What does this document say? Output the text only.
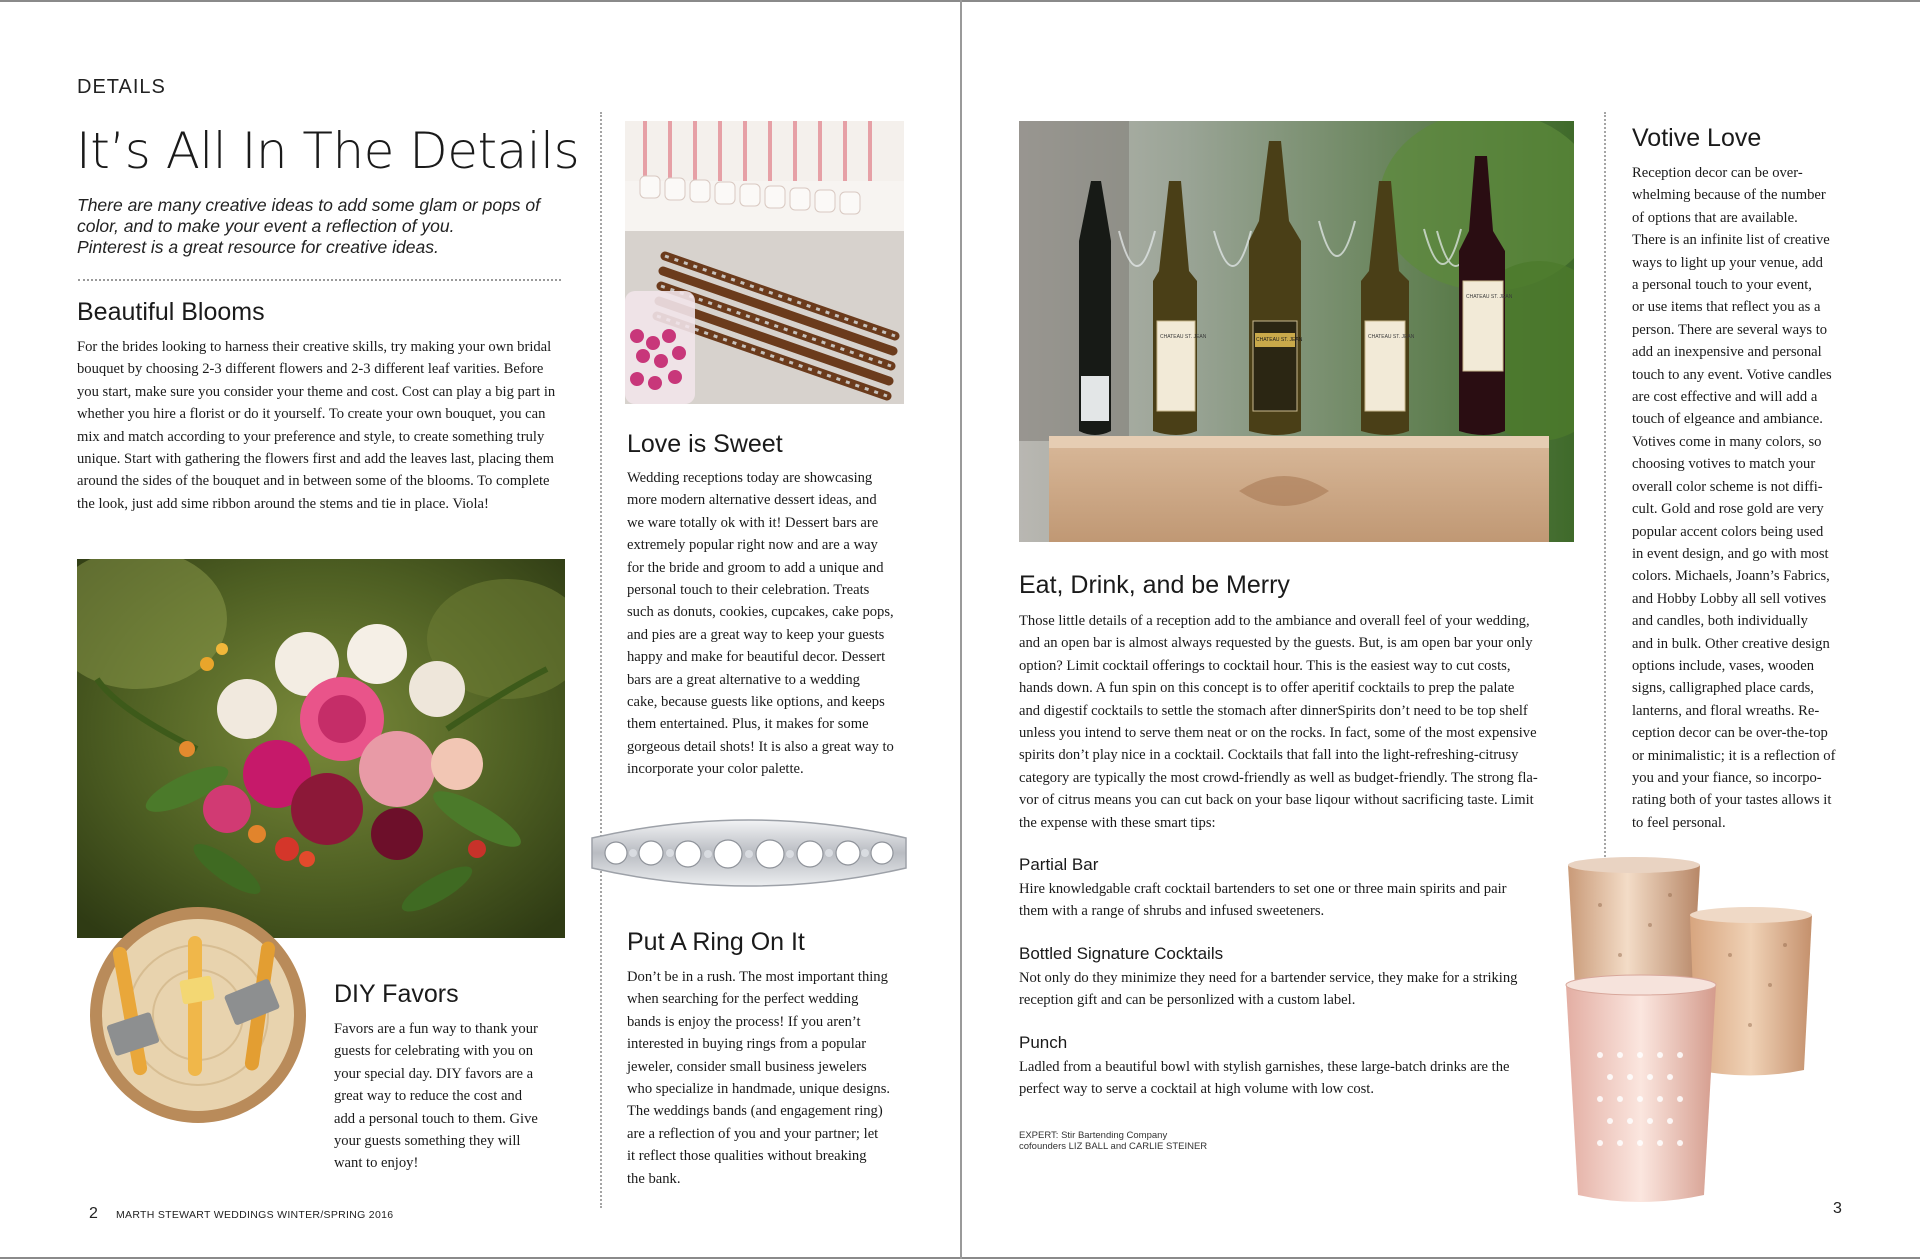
DETAILS
It’s All In The Details
There are many creative ideas to add some glam or pops of
color, and to make your event a reflection of you.
Pinterest is a great resource for creative ideas.
Beautiful Blooms
For the brides looking to harness their creative skills, try making your own bridal
bouquet by choosing 2-3 different flowers and 2-3 different leaf varities. Before
you start, make sure you consider your theme and cost. Cost can play a big part in
whether you hire a florist or do it yourself. To create your own bouquet, you can
mix and match according to your preference and style, to create something truly
unique. Start with gathering the flowers first and add the leaves last, placing them
around the sides of the bouquet and in between some of the blooms. To complete
the look, just add sime ribbon around the stems and tie in place. Viola!
DIY Favors
Favors are a fun way to thank your
guests for celebrating with you on
your special day. DIY favors are a
great way to reduce the cost and
add a personal touch to them. Give
your guests something they will
want to enjoy!
Love is Sweet
Wedding receptions today are showcasing
more modern alternative dessert ideas, and
we ware totally ok with it! Dessert bars are
extremely popular right now and are a way
for the bride and groom to add a unique and
personal touch to their celebration. Treats
such as donuts, cookies, cupcakes, cake pops,
and pies are a great way to keep your guests
happy and make for beautiful decor. Dessert
bars are a great alternative to a wedding
cake, because guests like options, and keeps
them entertained. Plus, it makes for some
gorgeous detail shots! It is also a great way to
incorporate your color palette.
Put A Ring On It
Don’t be in a rush. The most important thing
when searching for the perfect wedding
bands is enjoy the process! If you aren’t
interested in buying rings from a popular
jeweler, consider small business jewelers
who specialize in handmade, unique designs.
The weddings bands (and engagement ring)
are a reflection of you and your partner; let
it reflect those qualities without breaking
the bank.
2 MARTH STEWART WEDDINGS WINTER/SPRING 2016
CHATEAU ST. JEAN	CHATEAU ST. JEAN	CHATEAU ST. JEAN
CHATEAU ST. JEAN
Eat, Drink, and be Merry
Those little details of a reception add to the ambiance and overall feel of your wedding,
and an open bar is almost always requested by the guests. But, is am open bar your only
option? Limit cocktail offerings to cocktail hour. This is the easiest way to cut costs,
hands down. A fun spin on this concept is to offer aperitif cocktails to prep the palate
and digestif cocktails to settle the stomach after dinnerSpirits don’t need to be top shelf
unless you intend to serve them neat or on the rocks. In fact, some of the most expensive
spirits don’t play nice in a cocktail. Cocktails that fall into the light-refreshing-citrusy
category are typically the most crowd-friendly as well as budget-friendly. The strong fla-
vor of citrus means you can cut back on your base liqour without sacrificing taste. Limit
the expense with these smart tips:
Partial Bar
Hire knowledgable craft cocktail bartenders to set one or three main spirits and pair
them with a range of shrubs and infused sweeteners.
Bottled Signature Cocktails
Not only do they minimize they need for a bartender service, they make for a striking
reception gift and can be personlized with a custom label.
Punch
Ladled from a beautiful bowl with stylish garnishes, these large-batch drinks are the
perfect way to serve a cocktail at high volume with low cost.
EXPERT: Stir Bartending Company
cofounders LIZ BALL and CARLIE STEINER
Votive Love
Reception decor can be over-
whelming because of the number
of options that are available.
There is an infinite list of creative
ways to light up your venue, add
a personal touch to your event,
or use items that reflect you as a
person. There are several ways to
add an inexpensive and personal
touch to any event. Votive candles
are cost effective and will add a
touch of elgeance and ambiance.
Votives come in many colors, so
choosing votives to match your
overall color scheme is not diffi-
cult. Gold and rose gold are very
popular accent colors being used
in event design, and go with most
colors. Michaels, Joann’s Fabrics,
and Hobby Lobby all sell votives
and candles, both individually
and in bulk. Other creative design
options include, vases, wooden
signs, calligraphed place cards,
lanterns, and floral wreaths. Re-
ception decor can be over-the-top
or minimalistic; it is a reflection of
you and your fiance, so incorpo-
rating both of your tastes allows it
to feel personal.
3
